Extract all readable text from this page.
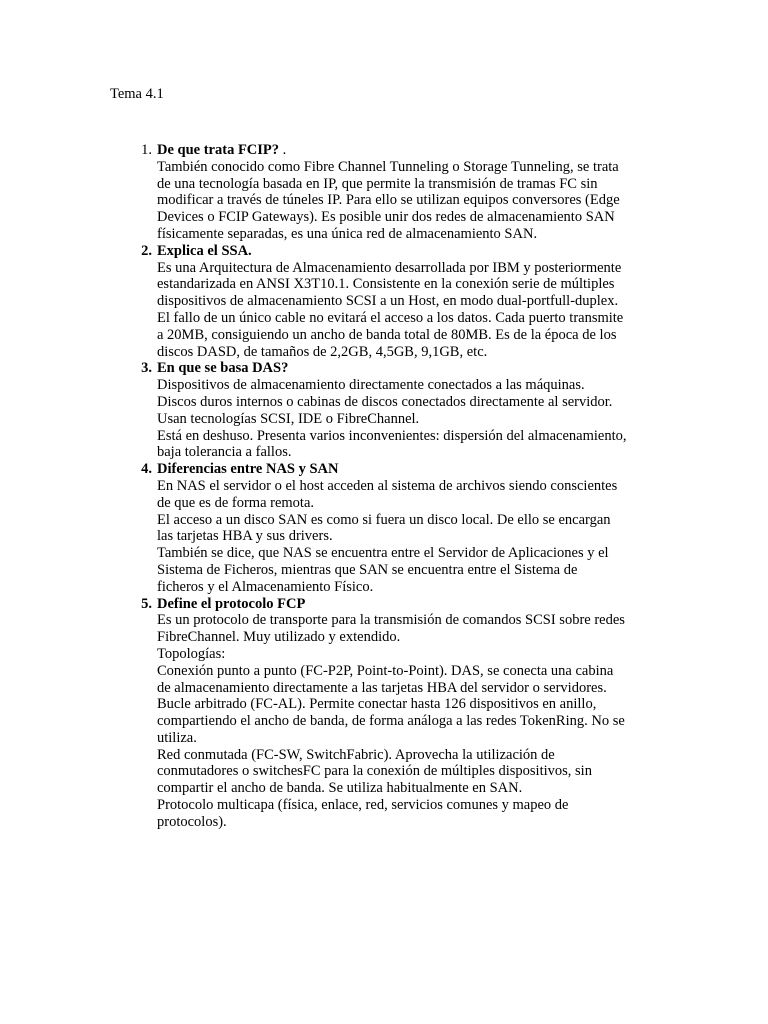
Tema 4.1
1. De que trata FCIP? .
También conocido como Fibre Channel Tunneling o Storage Tunneling, se trata
de una tecnología basada en IP, que permite la transmisión de tramas FC sin
modificar a través de túneles IP. Para ello se utilizan equipos conversores (Edge
Devices o FCIP Gateways). Es posible unir dos redes de almacenamiento SAN
físicamente separadas, es una única red de almacenamiento SAN.
2. Explica el SSA.
Es una Arquitectura de Almacenamiento desarrollada por IBM y posteriormente
estandarizada en ANSI X3T10.1. Consistente en la conexión serie de múltiples
dispositivos de almacenamiento SCSI a un Host, en modo dual-portfull-duplex.
El fallo de un único cable no evitará el acceso a los datos. Cada puerto transmite
a 20MB, consiguiendo un ancho de banda total de 80MB. Es de la época de los
discos DASD, de tamaños de 2,2GB, 4,5GB, 9,1GB, etc.
3. En que se basa DAS?
Dispositivos de almacenamiento directamente conectados a las máquinas.
Discos duros internos o cabinas de discos conectados directamente al servidor.
Usan tecnologías SCSI, IDE o FibreChannel.
Está en deshuso. Presenta varios inconvenientes: dispersión del almacenamiento,
baja tolerancia a fallos.
4. Diferencias entre NAS y SAN
En NAS el servidor o el host acceden al sistema de archivos siendo conscientes
de que es de forma remota.
El acceso a un disco SAN es como si fuera un disco local. De ello se encargan
las tarjetas HBA y sus drivers.
También se dice, que NAS se encuentra entre el Servidor de Aplicaciones y el
Sistema de Ficheros, mientras que SAN se encuentra entre el Sistema de
ficheros y el Almacenamiento Físico.
5. Define el protocolo FCP
Es un protocolo de transporte para la transmisión de comandos SCSI sobre redes
FibreChannel. Muy utilizado y extendido.
Topologías:
Conexión punto a punto (FC-P2P, Point-to-Point). DAS, se conecta una cabina
de almacenamiento directamente a las tarjetas HBA del servidor o servidores.
Bucle arbitrado (FC-AL). Permite conectar hasta 126 dispositivos en anillo,
compartiendo el ancho de banda, de forma análoga a las redes TokenRing. No se
utiliza.
Red conmutada (FC-SW, SwitchFabric). Aprovecha la utilización de
conmutadores o switchesFC para la conexión de múltiples dispositivos, sin
compartir el ancho de banda. Se utiliza habitualmente en SAN.
Protocolo multicapa (física, enlace, red, servicios comunes y mapeo de
protocolos).
